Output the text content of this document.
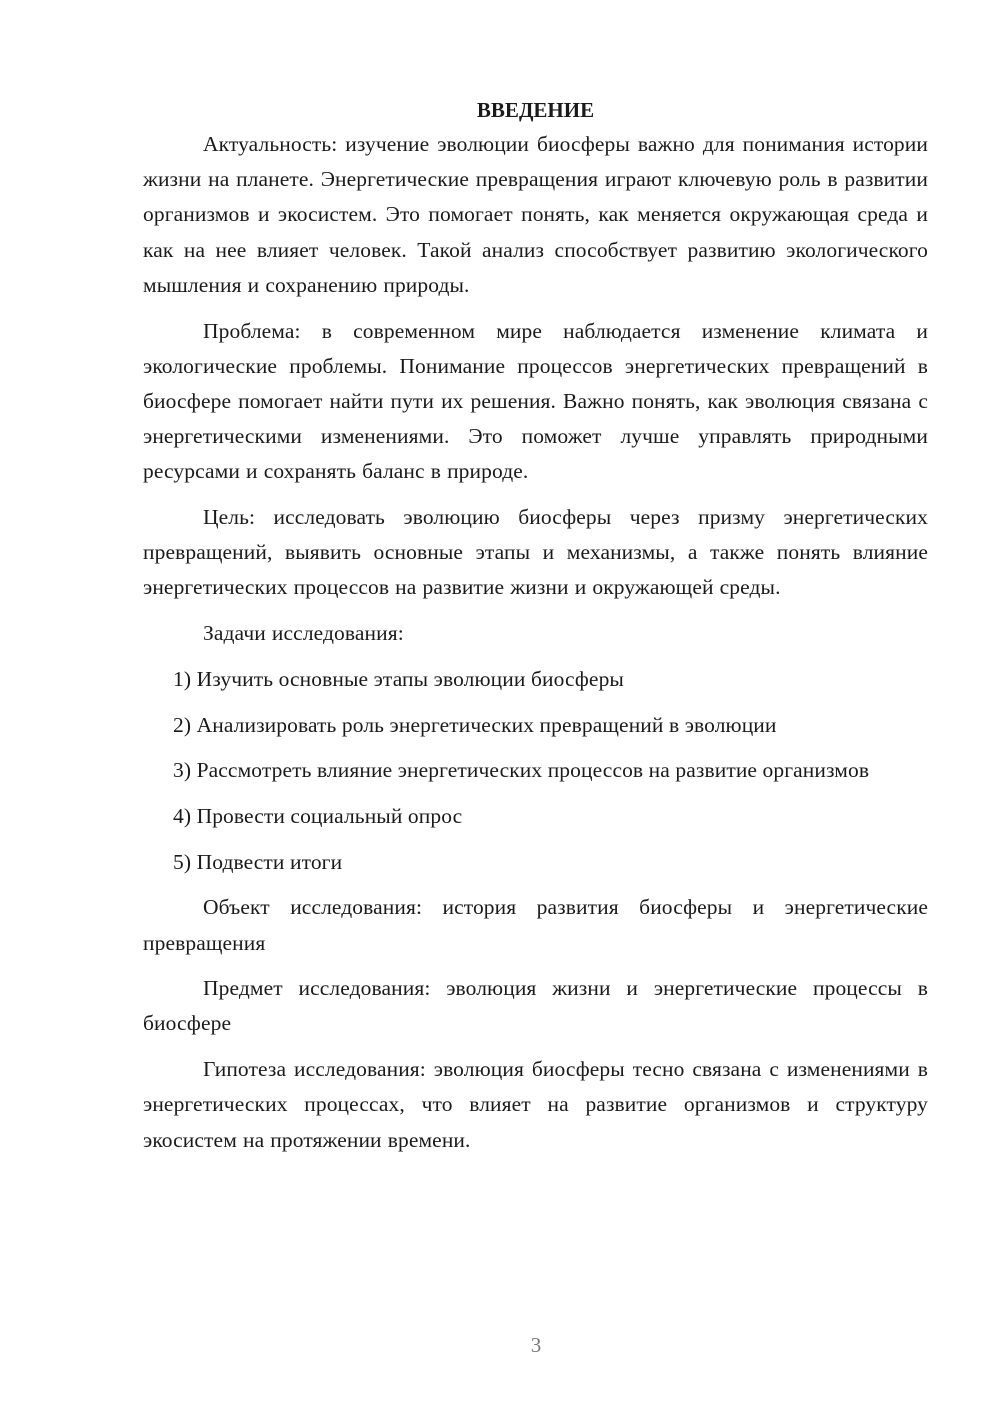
ВВЕДЕНИЕ

Актуальность: изучение эволюции биосферы важно для понимания истории жизни на планете. Энергетические превращения играют ключевую роль в развитии организмов и экосистем. Это помогает понять, как меняется окружающая среда и как на нее влияет человек. Такой анализ способствует развитию экологического мышления и сохранению природы.

Проблема: в современном мире наблюдается изменение климата и экологические проблемы. Понимание процессов энергетических превращений в биосфере помогает найти пути их решения. Важно понять, как эволюция связана с энергетическими изменениями. Это поможет лучше управлять природными ресурсами и сохранять баланс в природе.

Цель: исследовать эволюцию биосферы через призму энергетических превращений, выявить основные этапы и механизмы, а также понять влияние энергетических процессов на развитие жизни и окружающей среды.

Задачи исследования:

1) Изучить основные этапы эволюции биосферы

2) Анализировать роль энергетических превращений в эволюции

3) Рассмотреть влияние энергетических процессов на развитие организмов

4) Провести социальный опрос

5) Подвести итоги

Объект исследования: история развития биосферы и энергетические превращения

Предмет исследования: эволюция жизни и энергетические процессы в биосфере

Гипотеза исследования: эволюция биосферы тесно связана с изменениями в энергетических процессах, что влияет на развитие организмов и структуру экосистем на протяжении времени.

3
